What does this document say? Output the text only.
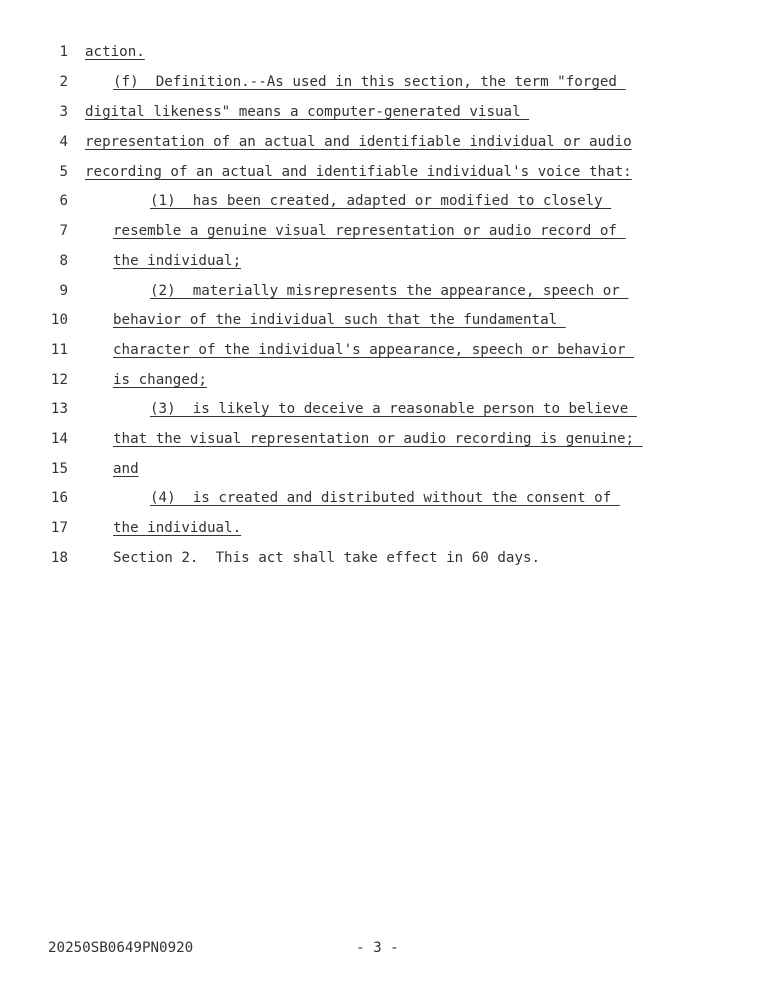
1

action.

2

	(f)  Definition.--As used in this section, the term "forged

3

digital likeness" means a computer-generated visual

4

representation of an actual and identifiable individual or audio

5

recording of an actual and identifiable individual's voice that:

6

	(1)  has been created, adapted or modified to closely

7

	resemble a genuine visual representation or audio record of

8

	the individual;

9

	(2)  materially misrepresents the appearance, speech or

10

	behavior of the individual such that the fundamental

11

	character of the individual's appearance, speech or behavior

12

	is changed;

13

	(3)  is likely to deceive a reasonable person to believe

14

	that the visual representation or audio recording is genuine;

15

	and

16

	(4)  is created and distributed without the consent of

17

	the individual.

18

	Section 2.  This act shall take effect in 60 days.

20250SB0649PN0920	- 3 -
